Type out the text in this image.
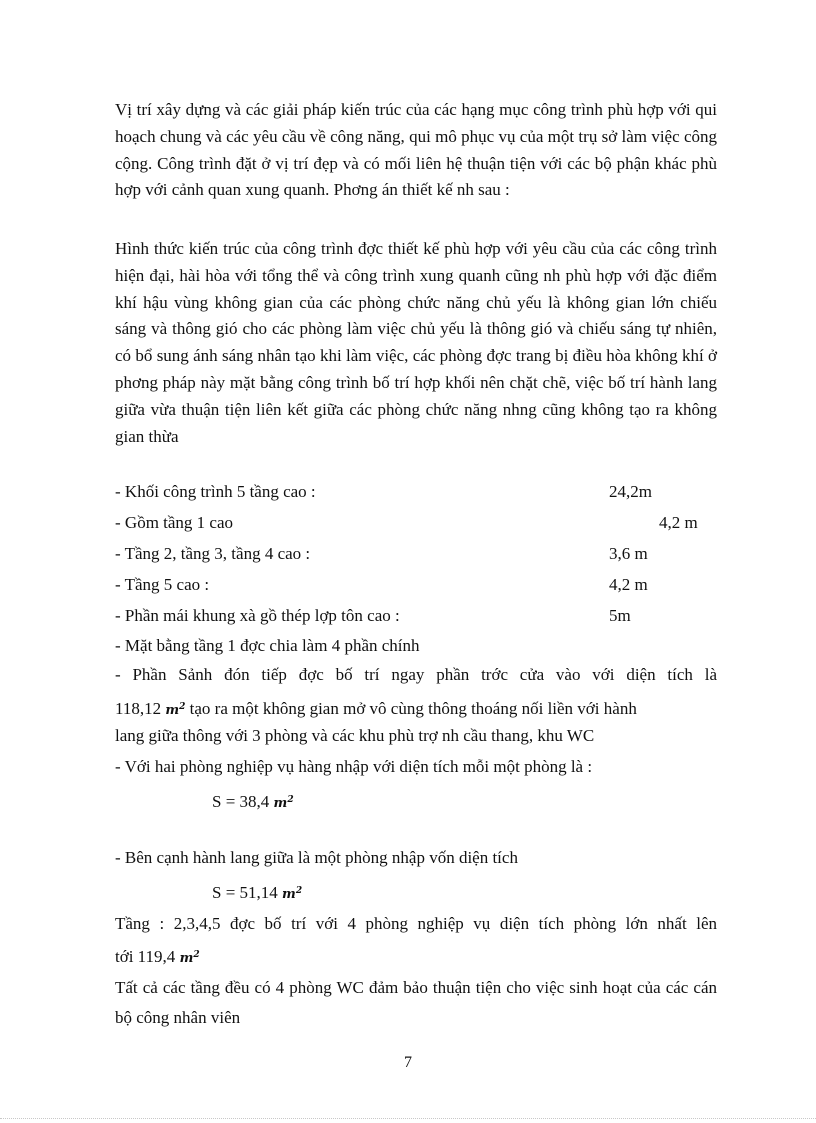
Vị trí xây dựng và các giải pháp kiến trúc của các hạng mục công trình phù hợp với qui hoạch chung và các yêu cầu về công năng, qui mô phục vụ của một trụ sở làm việc công cộng. Công trình đặt ở vị trí đẹp và có mối liên hệ thuận tiện với các bộ phận khác phù hợp với cảnh quan xung quanh. Phơng án thiết kế nh sau :

Hình thức kiến trúc của công trình đợc thiết kế phù hợp với yêu cầu của các công trình hiện đại, hài hòa với tổng thể và công trình xung quanh cũng nh phù hợp với đặc điểm khí hậu vùng không gian của các phòng chức năng chủ yếu là không gian lớn chiếu sáng và thông gió cho các phòng làm việc chủ yếu là thông gió và chiếu sáng tự nhiên, có bổ sung ánh sáng nhân tạo khi làm việc, các phòng đợc trang bị điều hòa không khí ở phơng pháp này mặt bằng công trình bố trí hợp khối nên chặt chẽ, việc bố trí hành lang giữa vừa thuận tiện liên kết giữa các phòng chức năng nhng cũng không tạo ra không gian thừa

- Khối công trình 5 tầng cao :	24,2m
- Gồm tầng 1 cao	4,2 m
- Tầng 2, tầng 3, tầng 4 cao :	3,6 m
- Tầng 5 cao :	4,2 m
- Phần mái khung xà gồ thép lợp tôn cao :	5m
- Mặt bằng tầng 1 đợc chia làm 4 phần chính
- Phần Sảnh đón tiếp đợc bố trí ngay phần trớc cửa vào với diện tích là
118,12 $m^2$ tạo ra một không gian mở vô cùng thông thoáng nối liền với hành
lang giữa thông với 3 phòng và các khu phù trợ nh cầu thang, khu WC
- Với hai phòng nghiệp vụ hàng nhập với diện tích mỗi một phòng là :
S = 38,4 $m^2$
- Bên cạnh hành lang giữa là một phòng nhập vốn diện tích
S = 51,14 $m^2$
Tầng : 2,3,4,5 đợc bố trí với 4 phòng nghiệp vụ diện tích phòng lớn nhất lên
tới 119,4 $m^2$

Tất cả các tầng đều có 4 phòng WC đảm bảo thuận tiện cho việc sinh hoạt của các cán bộ công nhân viên

7
